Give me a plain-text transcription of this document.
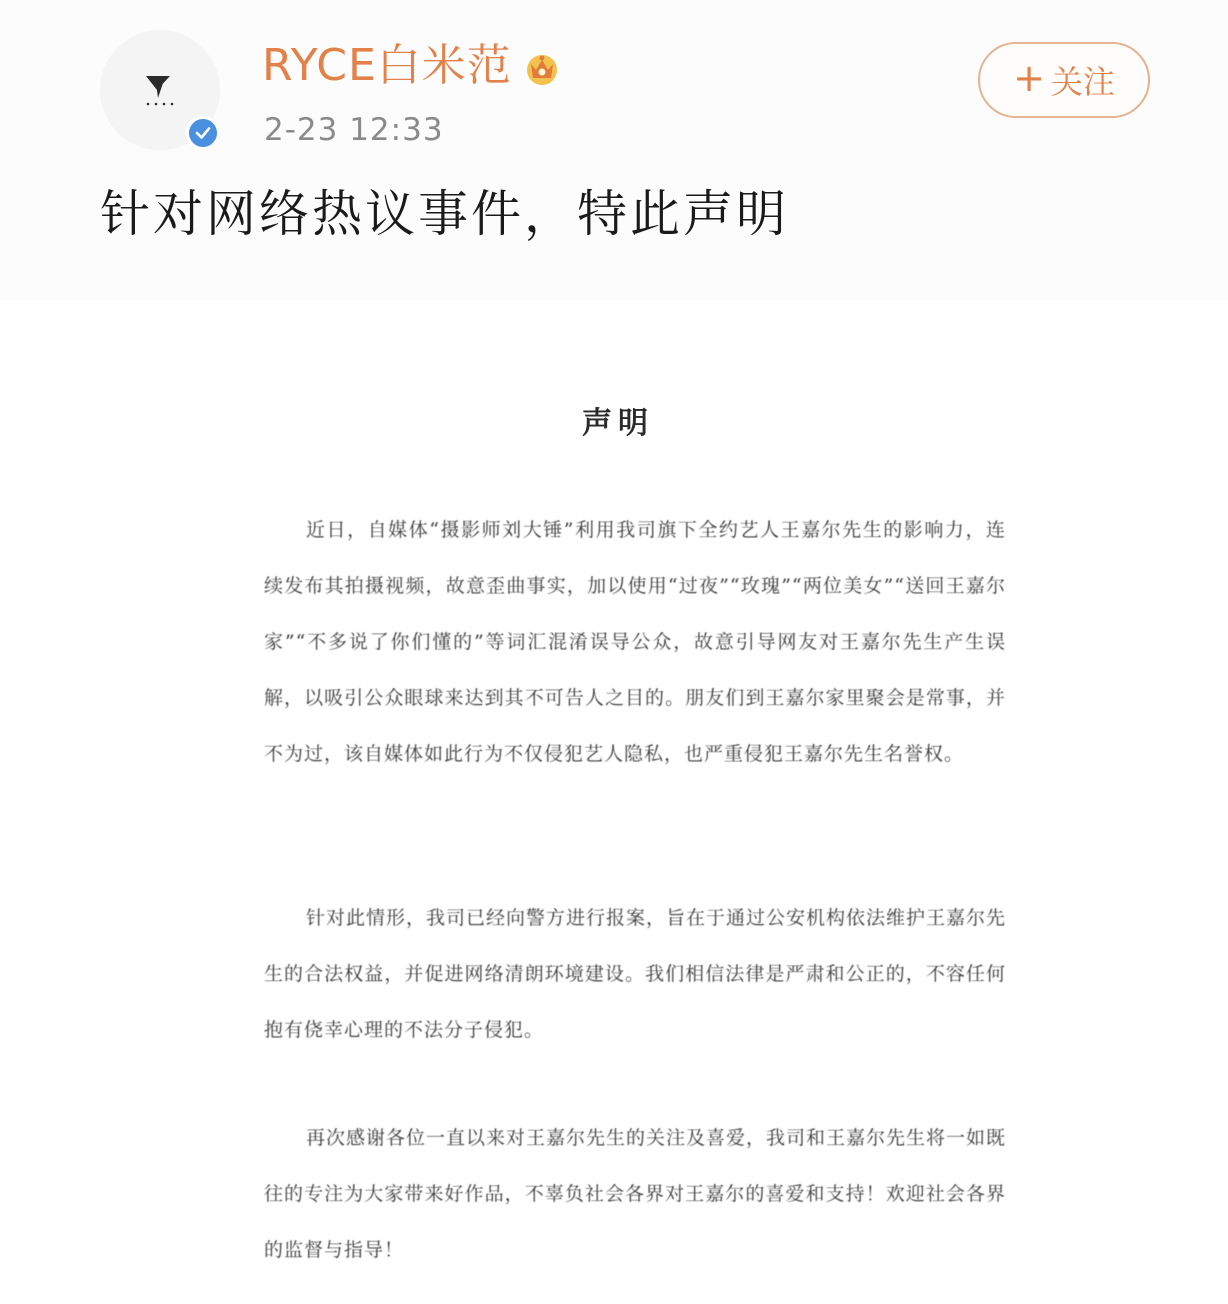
RYCE白米范
2-23 12:33
+ 关注
针对网络热议事件，特此声明
声明
近日，自媒体“摄影师刘大锤”利用我司旗下全约艺人王嘉尔先生的影响力，连续发布其拍摄视频，故意歪曲事实，加以使用“过夜”“玫瑰”“两位美女”“送回王嘉尔家”“不多说了你们懂的”等词汇混淆误导公众，故意引导网友对王嘉尔先生产生误解，以吸引公众眼球来达到其不可告人之目的。朋友们到王嘉尔家里聚会是常事，并不为过，该自媒体如此行为不仅侵犯艺人隐私，也严重侵犯王嘉尔先生名誉权。
针对此情形，我司已经向警方进行报案，旨在于通过公安机构依法维护王嘉尔先生的合法权益，并促进网络清朗环境建设。我们相信法律是严肃和公正的，不容任何抱有侥幸心理的不法分子侵犯。
再次感谢各位一直以来对王嘉尔先生的关注及喜爱，我司和王嘉尔先生将一如既往的专注为大家带来好作品，不辜负社会各界对王嘉尔的喜爱和支持！欢迎社会各界的监督与指导！
